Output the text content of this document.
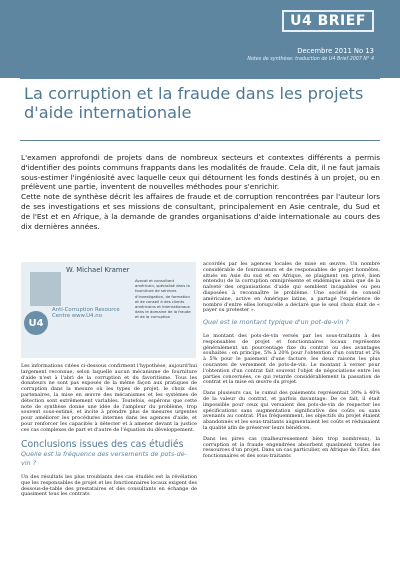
U4 BRIEF
Decembre 2011 No 13
Notes de synthèse: traduction de U4 Brief 2007 N° 4
La corruption et la fraude dans les projets d'aide internationale

L'examen approfondi de projets dans de nombreux secteurs et contextes différents a permis d'identifier des points communs frappants dans les modalités de fraude. Cela dit, il ne faut jamais sous-estimer l'ingéniosité avec laquelle ceux qui détournent les fonds destinés à un projet, ou en prélèvent une partie, inventent de nouvelles méthodes pour s'enrichir.

Cette note de synthèse décrit les affaires de fraude et de corruption rencontrées par l'auteur lors de ses investigations et ses missions de consultant, principalement en Asie centrale, du Sud et de l'Est et en Afrique, à la demande de grandes organisations d'aide internationale au cours des dix dernières années.

W. Michael Kramer
Avocat et consultant américain, spécialisé dans la fourniture de services d'investigation, de formation et de conseil à des clients américains et internationaux dans le domaine de la fraude et de la corruption
U4
Anti-Corruption Resource Centre www.U4.no

Les informations citées ci-dessous confirment l'hypothèse, aujourd'hui largement reconnue, selon laquelle aucun mécanisme de fourniture d'aide n'est à l'abri de la corruption et du favoritisme. Tous les donateurs ne sont pas exposés de la même façon aux pratiques de corruption dans la mesure où les types de projet, le choix des partenaires, la mise en œuvre des mécanismes et les systèmes de détection sont extrêmement variables. Toutefois, espérons que cette note de synthèse donne une idée de l'ampleur du problème, trop souvent sous-estimé, et incite à prendre plus de mesures urgentes pour améliorer les procédures internes dans les agences d'aide, et pour renforcer les capacités à détecter et à amener devant la justice ces cas complexes de part et d'autre de l'équation du développement.

Conclusions issues des cas étudiés
Quelle est la fréquence des versements de pots-de-vin ?

Un des résultats les plus troublants des cas étudiés est la révélation que les responsables de projet et les fonctionnaires locaux exigent des dessous-de-table des prestataires et des consultants en échange de quasiment tous les contrats

accordés par les agences locales de mise en œuvre. Un nombre considérable de fournisseurs et de responsables de projet honnêtes, situés en Asie du sud et en Afrique, se plaignent (en privé, bien entendu) de la corruption omniprésente et endémique ainsi que de la naïveté des organisations d'aide qui semblent incapables ou peu disposées à reconnaître le problème. Une société de conseil américaine, active en Amérique latine, a partagé l'expérience de nombre d'entre elles lorsqu'elle a déclaré que le seul choix était de « payer ou protester ».

Quel est le montant typique d'un pot-de-vin ?

Le montant des pots-de-vin versés par les sous-traitants à des responsables de projet et fonctionnaires locaux représente généralement un pourcentage fixe du contrat ou des avantages souhaités : en principe, 5% à 20% pour l'obtention d'un contrat et 2% à 5% pour le paiement d'une facture, les deux raisons les plus courantes de versement de pots-de-vin. Le montant à verser pour l'obtention d'un contrat fait souvent l'objet de négociations entre les parties concernées, ce qui retarde considérablement la passation de contrat et la mise en œuvre du projet.

Dans plusieurs cas, le cumul des paiements représentait 30% à 40% de la valeur du contrat, et parfois davantage. De ce fait, il était impossible pour ceux qui versaient des pots-de-vin de respecter les spécifications sans augmentation significative des coûts ou sans avenants au contrat. Plus fréquemment, les objectifs du projet étaient abandonnés et les sous-traitants augmentaient les coûts et réduisaient la qualité afin de préserver leurs bénéfices.

Dans les pires cas (malheureusement bien trop nombreux), la corruption et la fraude engendrées absorbent quasiment toutes les ressources d'un projet. Dans un cas particulier, en Afrique de l'Est, des fonctionnaires et des sous-traitants
